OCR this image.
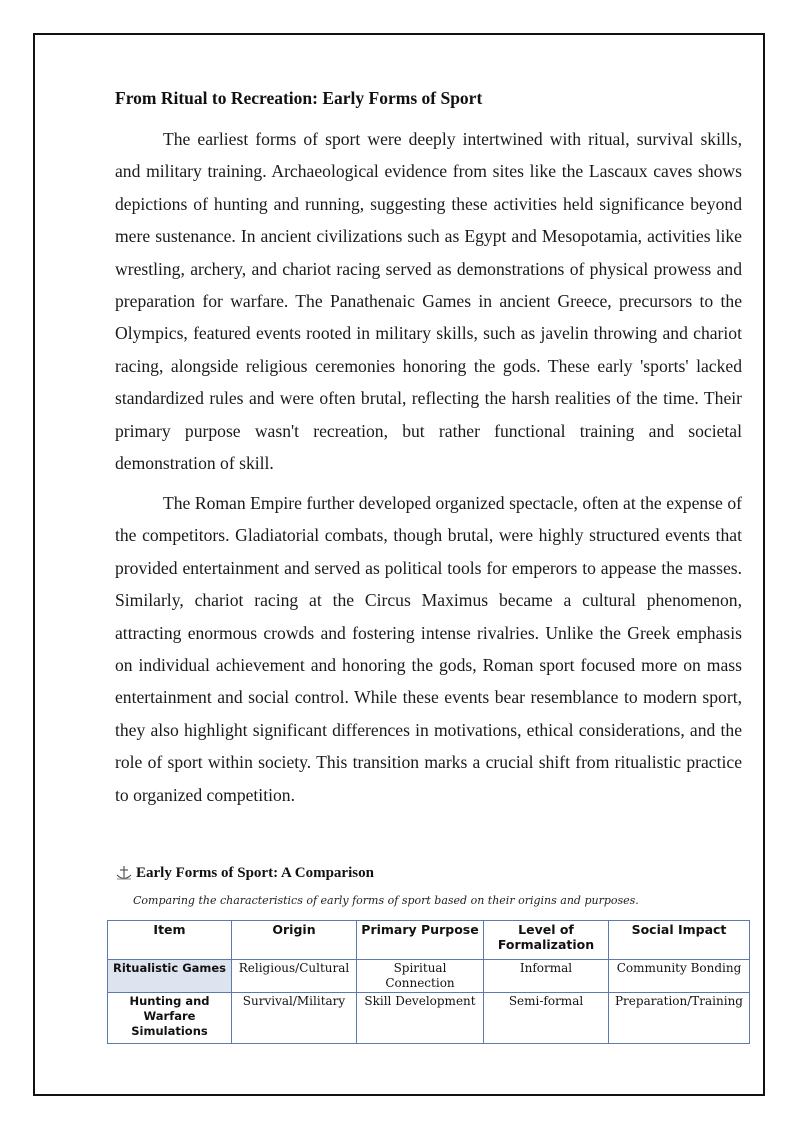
From Ritual to Recreation: Early Forms of Sport

The earliest forms of sport were deeply intertwined with ritual, survival skills, and military training. Archaeological evidence from sites like the Lascaux caves shows depictions of hunting and running, suggesting these activities held significance beyond mere sustenance. In ancient civilizations such as Egypt and Mesopotamia, activities like wrestling, archery, and chariot racing served as demonstrations of physical prowess and preparation for warfare. The Panathenaic Games in ancient Greece, precursors to the Olympics, featured events rooted in military skills, such as javelin throwing and chariot racing, alongside religious ceremonies honoring the gods. These early 'sports' lacked standardized rules and were often brutal, reflecting the harsh realities of the time. Their primary purpose wasn't recreation, but rather functional training and societal demonstration of skill.

The Roman Empire further developed organized spectacle, often at the expense of the competitors. Gladiatorial combats, though brutal, were highly structured events that provided entertainment and served as political tools for emperors to appease the masses. Similarly, chariot racing at the Circus Maximus became a cultural phenomenon, attracting enormous crowds and fostering intense rivalries. Unlike the Greek emphasis on individual achievement and honoring the gods, Roman sport focused more on mass entertainment and social control. While these events bear resemblance to modern sport, they also highlight significant differences in motivations, ethical considerations, and the role of sport within society. This transition marks a crucial shift from ritualistic practice to organized competition.

Early Forms of Sport: A Comparison
Comparing the characteristics of early forms of sport based on their origins and purposes.
Item	Origin	Primary Purpose	Level of Formalization	Social Impact
Ritualistic Games	Religious/Cultural	Spiritual Connection	Informal	Community Bonding
Hunting and Warfare Simulations	Survival/Military	Skill Development	Semi-formal	Preparation/Training
